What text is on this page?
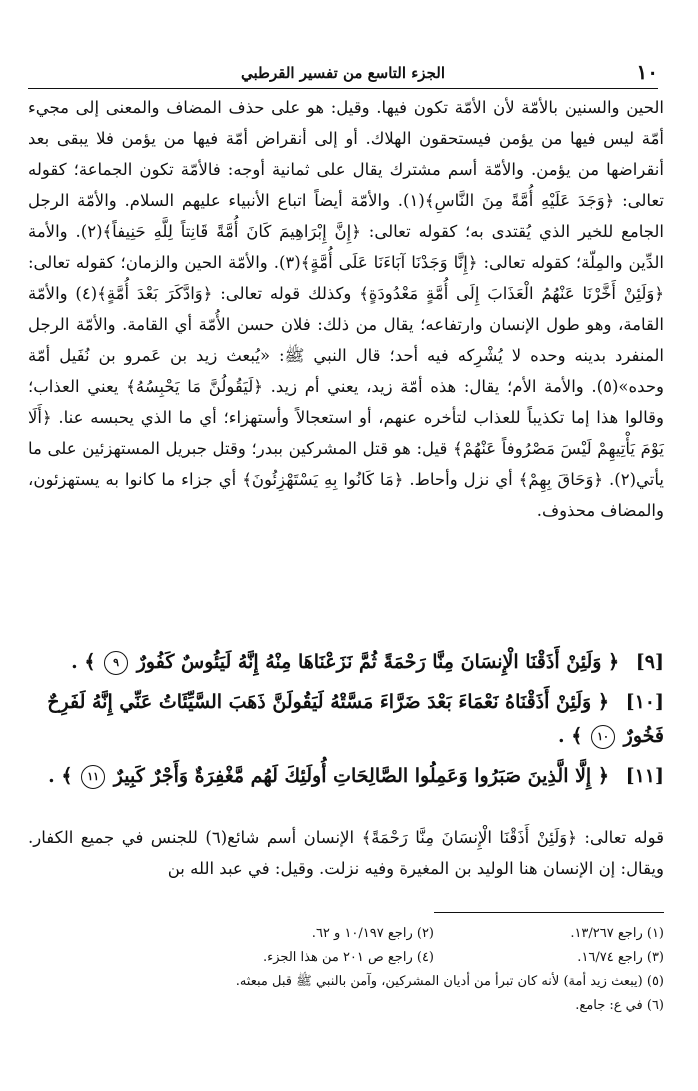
١٠
الجزء التاسع من تفسير القرطبي

الحين والسنين بالأمّة لأن الأمّة تكون فيها. وقيل: هو على حذف المضاف والمعنى إلى مجيء أمّة ليس فيها من يؤمن فيستحقون الهلاك. أو إلى أنقراض أمّة فيها من يؤمن فلا يبقى بعد أنقراضها من يؤمن. والأمّة أسم مشترك يقال على ثمانية أوجه: فالأمّة تكون الجماعة؛ كقوله تعالى: ﴿وَجَدَ عَلَيْهِ أُمَّةً مِنَ النَّاسِ﴾(١). والأمّة أيضاً اتباع الأنبياء عليهم السلام. والأمّة الرجل الجامع للخير الذي يُقتدى به؛ كقوله تعالى: ﴿إِنَّ إِبْرَاهِيمَ كَانَ أُمَّةً قَانِتاً لِلَّهِ حَنِيفاً﴾(٢). والأمة الدِّين والمِلّة؛ كقوله تعالى: ﴿إِنَّا وَجَدْنَا آبَاءَنَا عَلَى أُمَّةٍ﴾(٣). والأمّة الحين والزمان؛ كقوله تعالى: ﴿وَلَئِنْ أَخَّرْنَا عَنْهُمُ الْعَذَابَ إِلَى أُمَّةٍ مَعْدُودَةٍ﴾ وكذلك قوله تعالى: ﴿وَادَّكَرَ بَعْدَ أُمَّةٍ﴾(٤) والأمّة القامة، وهو طول الإنسان وارتفاعه؛ يقال من ذلك: فلان حسن الأُمّة أي القامة. والأمّة الرجل المنفرد بدينه وحده لا يُشْرِكه فيه أحد؛ قال النبي ﷺ: «يُبعث زيد بن عَمرو بن نُفَيل أمّة وحده»(٥). والأمة الأم؛ يقال: هذه أمّة زيد، يعني أم زيد. ﴿لَيَقُولُنَّ مَا يَحْبِسُهُ﴾ يعني العذاب؛ وقالوا هذا إما تكذيباً للعذاب لتأخره عنهم، أو استعجالاً وأستهزاء؛ أي ما الذي يحبسه عنا. ﴿أَلَا يَوْمَ يَأْتِيهِمْ لَيْسَ مَصْرُوفاً عَنْهُمْ﴾ قيل: هو قتل المشركين ببدر؛ وقتل جبريل المستهزئين على ما يأتي(٢). ﴿وَحَاقَ بِهِمْ﴾ أي نزل وأحاط. ﴿مَا كَانُوا بِهِ يَسْتَهْزِئُونَ﴾ أي جزاء ما كانوا به يستهزئون، والمضاف محذوف.

[٩] ﴿ وَلَئِنْ أَذَقْنَا الْإِنسَانَ مِنَّا رَحْمَةً ثُمَّ نَزَعْنَاهَا مِنْهُ إِنَّهُ لَيَئُوسٌ كَفُورٌ ٩ ﴾ .
[١٠] ﴿ وَلَئِنْ أَذَقْنَاهُ نَعْمَاءَ بَعْدَ ضَرَّاءَ مَسَّتْهُ لَيَقُولَنَّ ذَهَبَ السَّيِّئَاتُ عَنِّي إِنَّهُ لَفَرِحٌ فَخُورٌ ١٠ ﴾ .
[١١] ﴿ إِلَّا الَّذِينَ صَبَرُوا وَعَمِلُوا الصَّالِحَاتِ أُولَئِكَ لَهُم مَّغْفِرَةٌ وَأَجْرٌ كَبِيرٌ ١١ ﴾ .

قوله تعالى: ﴿وَلَئِنْ أَذَقْنَا الْإِنسَانَ مِنَّا رَحْمَةً﴾ الإنسان أسم شائع(٦) للجنس في جميع الكفار. ويقال: إن الإنسان هنا الوليد بن المغيرة وفيه نزلت. وقيل: في عبد الله بن

(١) راجع ١٣/٢٦٧.
(٢) راجع ١٠/١٩٧ و ٦٢.
(٣) راجع ١٦/٧٤.
(٤) راجع ص ٢٠١ من هذا الجزء.
(٥) (يبعث زيد أمة) لأنه كان تبرأ من أديان المشركين، وآمن بالنبي ﷺ قبل مبعثه.
(٦) في ع: جامع.
